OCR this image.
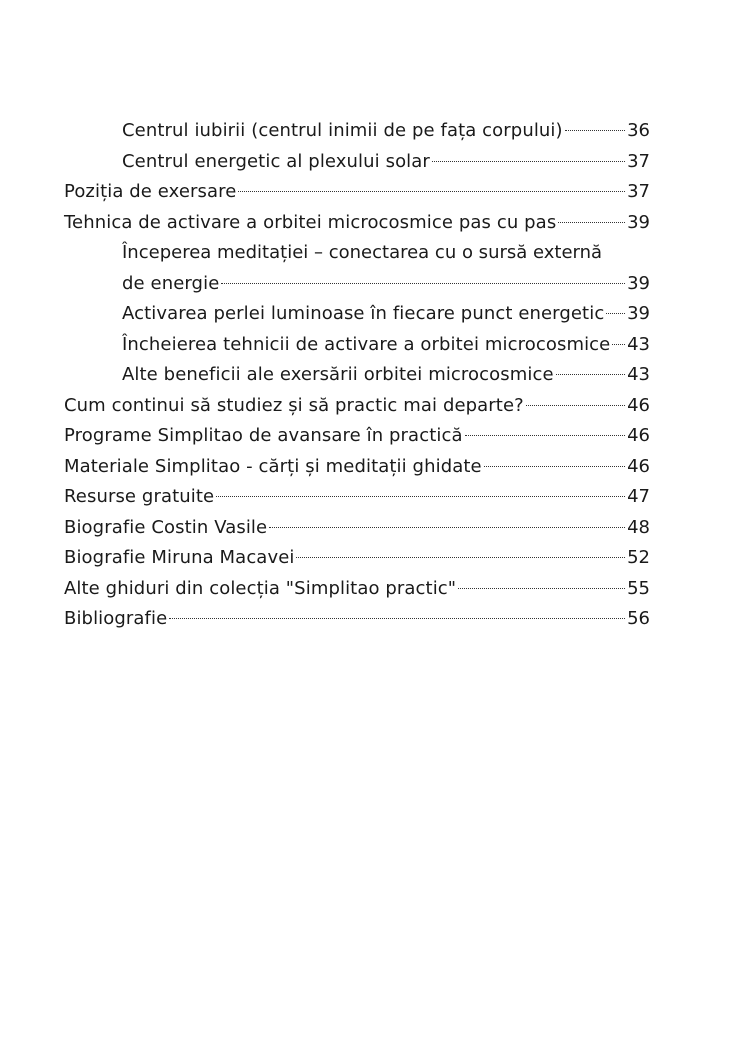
Centrul iubirii (centrul inimii de pe fața corpului)	36
Centrul energetic al plexului solar	37
Poziția de exersare	37
Tehnica de activare a orbitei microcosmice pas cu pas	39
Începerea meditației – conectarea cu o sursă externă
de energie	39
Activarea perlei luminoase în fiecare punct energetic 39
Încheierea tehnicii de activare a orbitei microcosmice 43
Alte beneficii ale exersării orbitei microcosmice	43
Cum continui să studiez și să practic mai departe?	46
Programe Simplitao de avansare în practică	46
Materiale Simplitao - cărți și meditații ghidate	46
Resurse gratuite	47
Biografie Costin Vasile	48
Biografie Miruna Macavei	52
Alte ghiduri din colecția "Simplitao practic"	55
Bibliografie	56
